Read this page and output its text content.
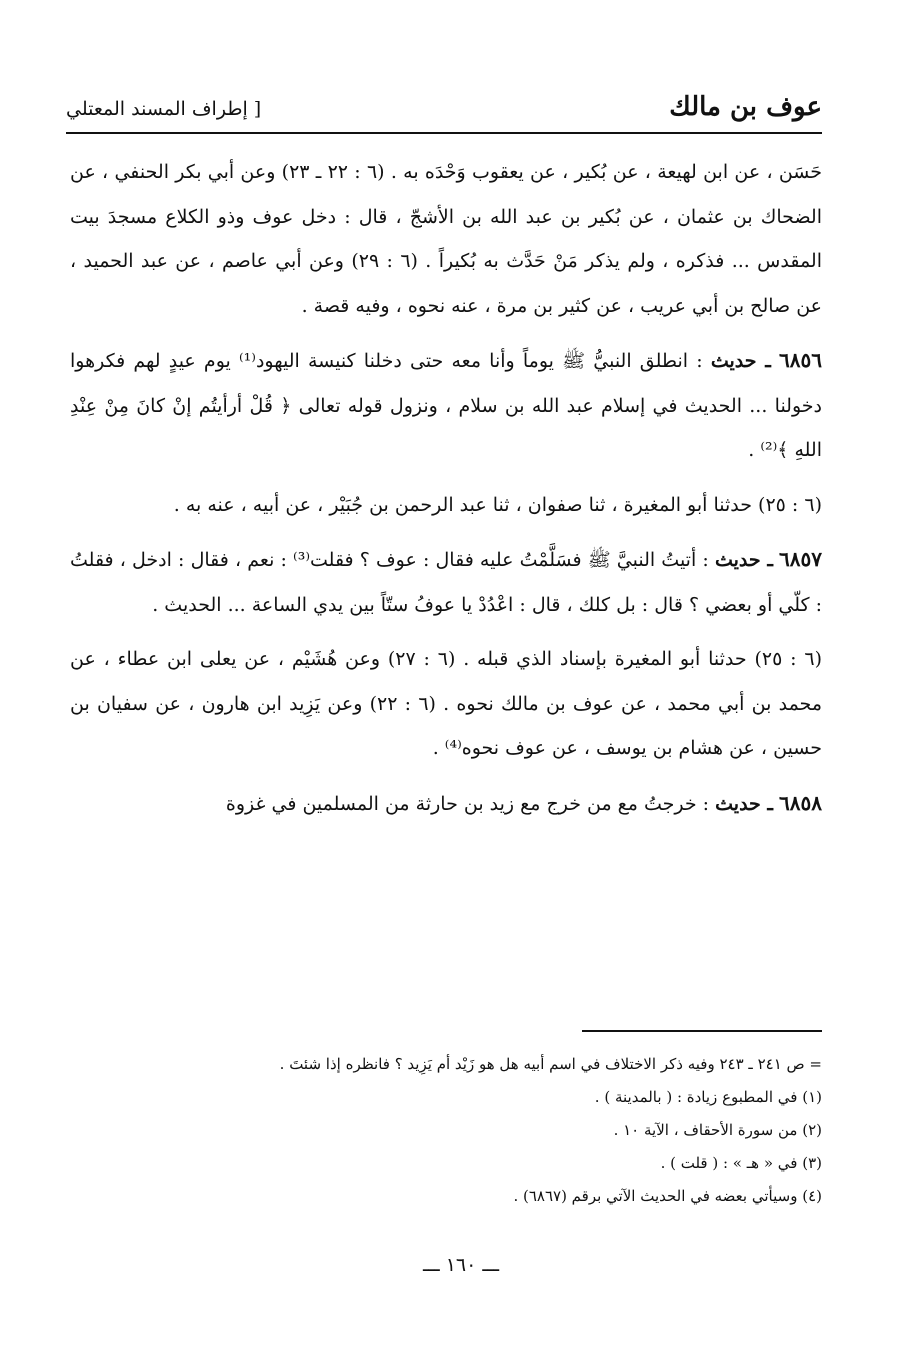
عوف بن مالك
[ إطراف المسند المعتلي

حَسَن ، عن ابن لهيعة ، عن بُكير ، عن يعقوب وَحْدَه به . (٦ : ٢٢ ـ ٢٣) وعن أبي بكر الحنفي ، عن الضحاك بن عثمان ، عن بُكير بن عبد الله بن الأشجّ ، قال : دخل عوف وذو الكلاع مسجدَ بيت المقدس ... فذكره ، ولم يذكر مَنْ حَدَّث به بُكيراً . (٦ : ٢٩) وعن أبي عاصم ، عن عبد الحميد ، عن صالح بن أبي عريب ، عن كثير بن مرة ، عنه نحوه ، وفيه قصة .

٦٨٥٦ ـ حديث : انطلق النبيُّ ﷺ يوماً وأنا معه حتى دخلنا كنيسة اليهود⁽¹⁾ يوم عيدٍ لهم فكرهوا دخولنا ... الحديث في إسلام عبد الله بن سلام ، ونزول قوله تعالى ﴿ قُلْ أرأيتُم إنْ كانَ مِنْ عِنْدِ اللهِ ﴾⁽²⁾ .

(٦ : ٢٥) حدثنا أبو المغيرة ، ثنا صفوان ، ثنا عبد الرحمن بن جُبَيْر ، عن أبيه ، عنه به .

٦٨٥٧ ـ حديث : أتيتُ النبيَّ ﷺ فسَلَّمْتُ عليه فقال : عوف ؟ فقلت⁽³⁾ : نعم ، فقال : ادخل ، فقلتُ : كلّي أو بعضي ؟ قال : بل كلك ، قال : اعْدُدْ يا عوفُ ستّاً بين يدي الساعة ... الحديث .

(٦ : ٢٥) حدثنا أبو المغيرة بإسناد الذي قبله . (٦ : ٢٧) وعن هُشَيْم ، عن يعلى ابن عطاء ، عن محمد بن أبي محمد ، عن عوف بن مالك نحوه . (٦ : ٢٢) وعن يَزِيد ابن هارون ، عن سفيان بن حسين ، عن هشام بن يوسف ، عن عوف نحوه⁽⁴⁾ .

٦٨٥٨ ـ حديث : خرجتُ مع من خرج مع زيد بن حارثة من المسلمين في غزوة

= ص ٢٤١ ـ ٢٤٣ وفيه ذكر الاختلاف في اسم أبيه هل هو زَيْد أم يَزِيد ؟ فانظره إذا شئتَ .
(١) في المطبوع زيادة : ( بالمدينة ) .
(٢) من سورة الأحقاف ، الآية ١٠ .
(٣) في « هـ » : ( قلت ) .
(٤) وسيأتي بعضه في الحديث الآتي برقم (٦٨٦٧) .
ـــ ١٦٠ ـــ
